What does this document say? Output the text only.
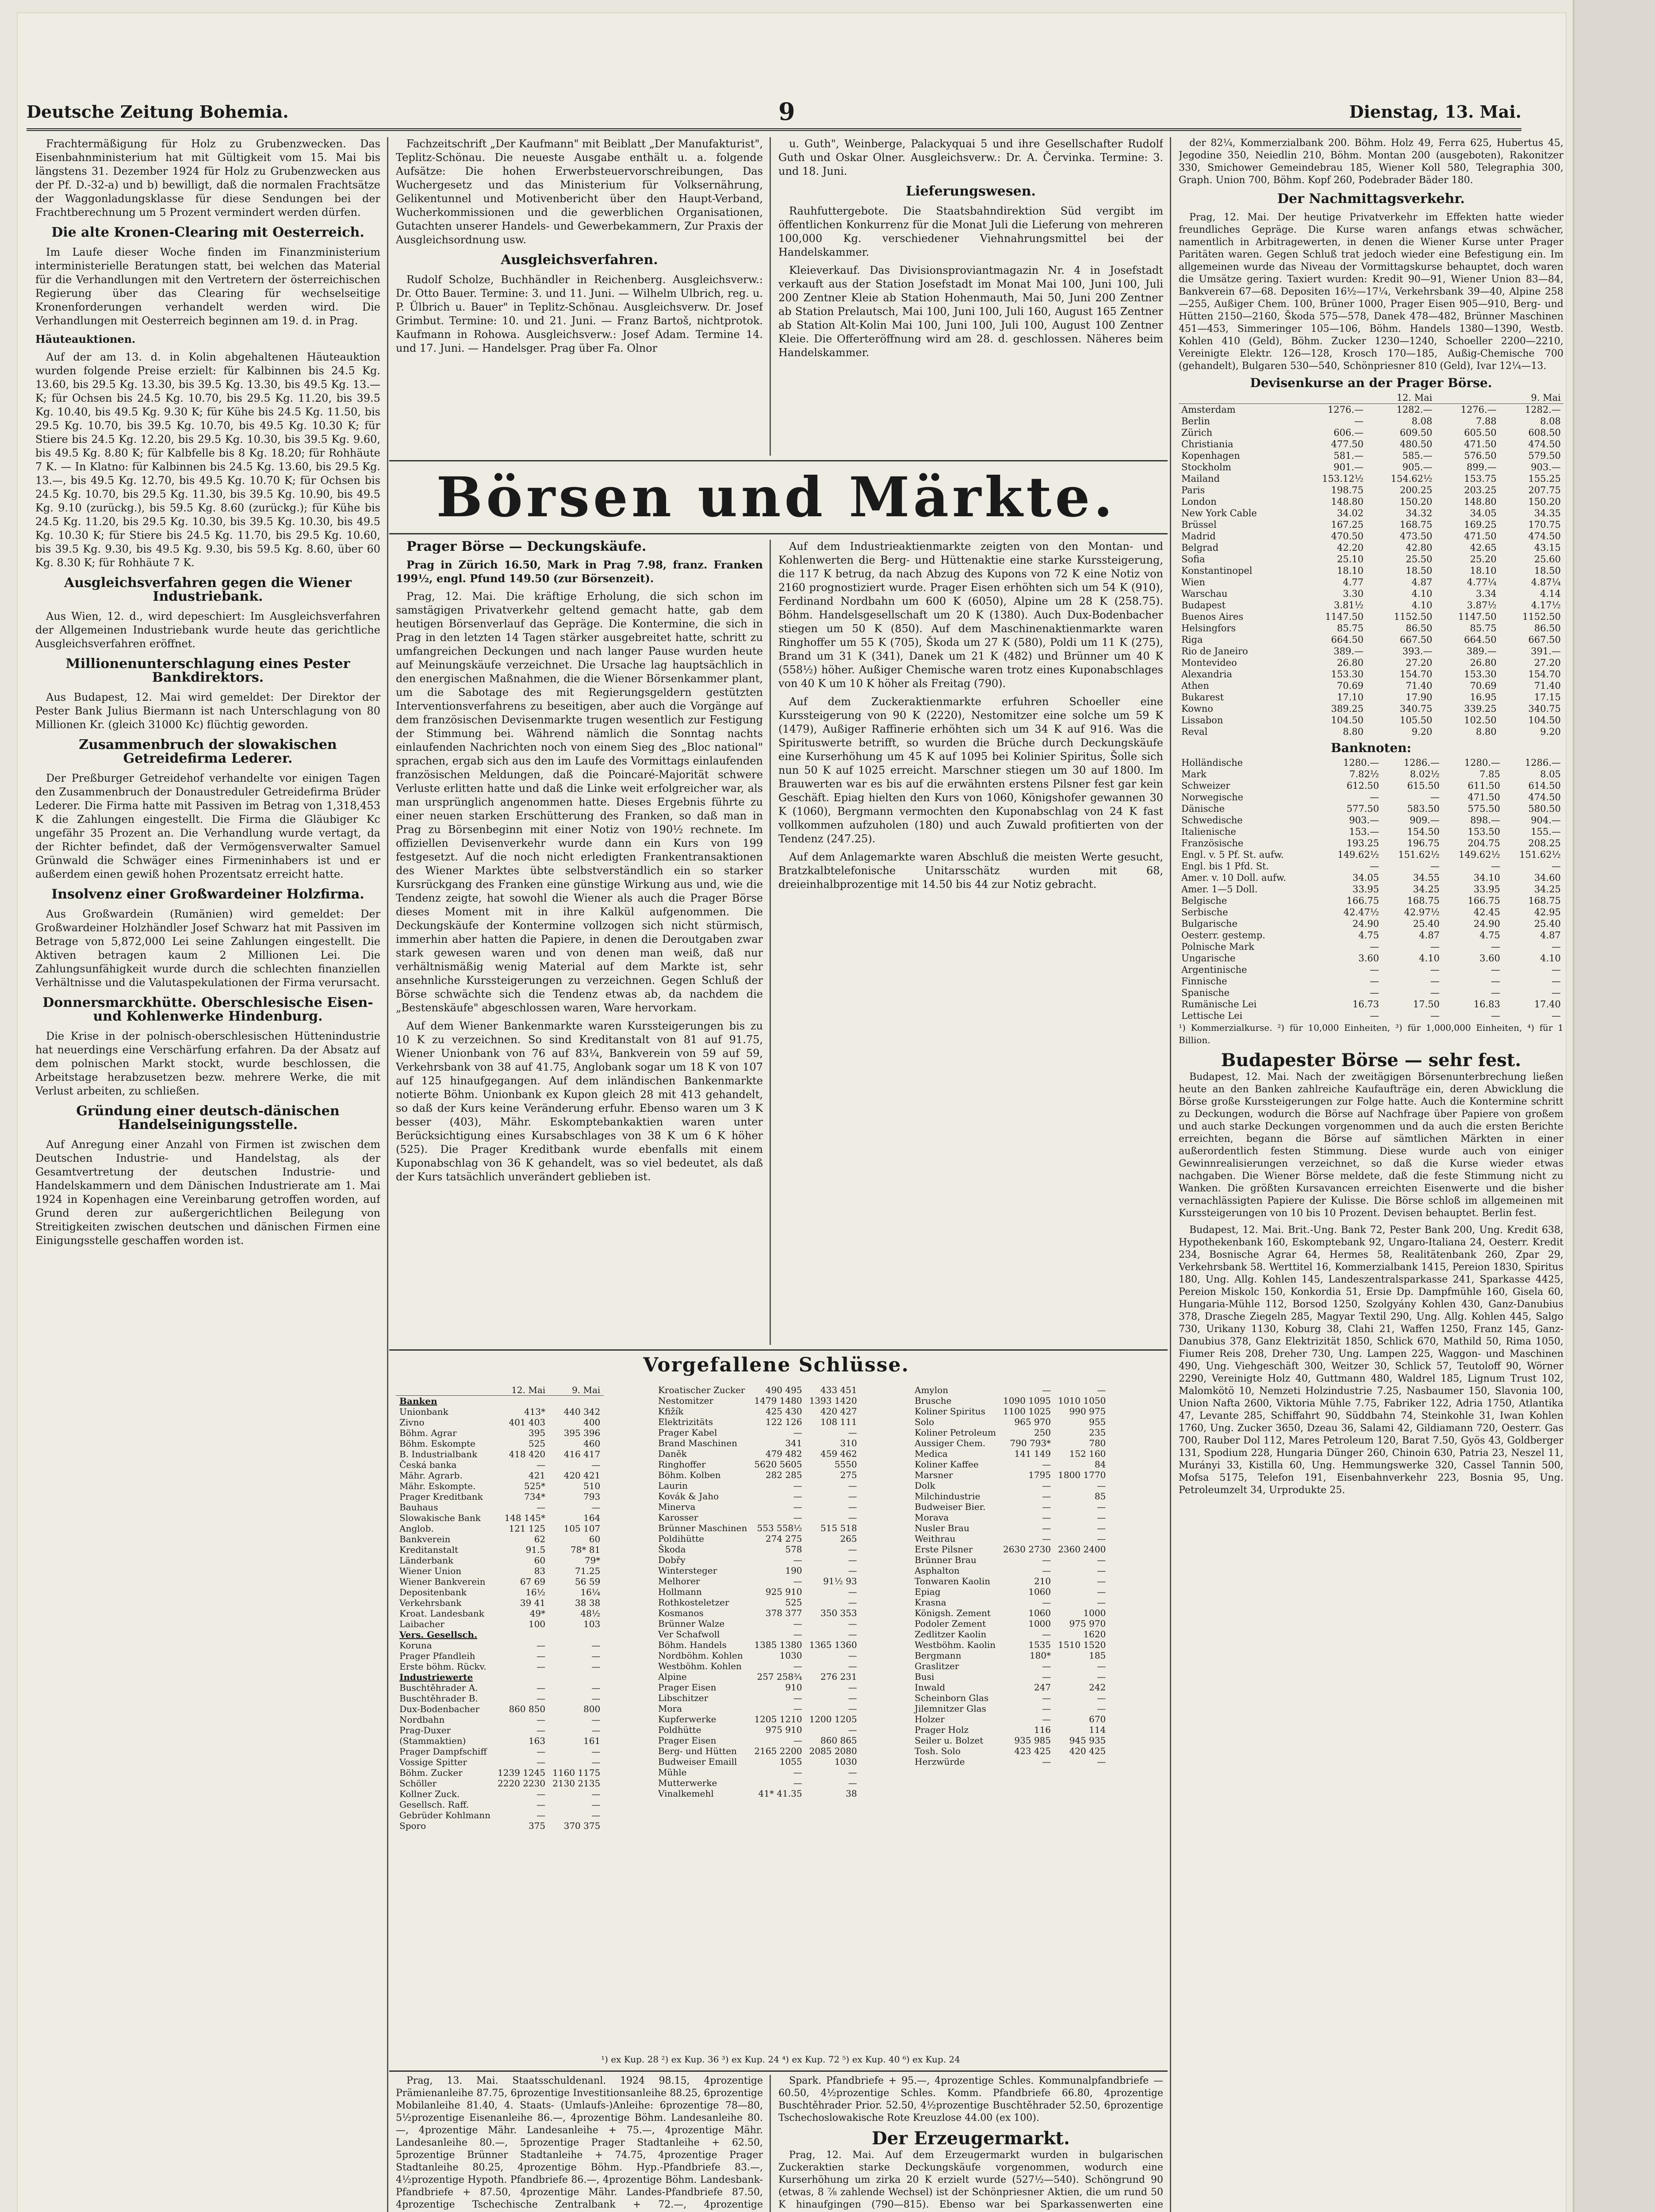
Deutsche Zeitung Bohemia.	9	Dienstag, 13. Mai.

Frachtermäßigung für Holz zu Grubenzwecken. Das Eisenbahnministerium hat mit Gültigkeit vom 15. Mai bis längstens 31. Dezember 1924 für Holz zu Grubenzwecken aus der Pf. D.-32-a) und b) bewilligt, daß die normalen Frachtsätze der Waggonladungsklasse für diese Sendungen bei der Frachtberechnung um 5 Prozent vermindert werden dürfen.

Die alte Kronen-Clearing mit Oesterreich.

Im Laufe dieser Woche finden im Finanzministerium interministerielle Beratungen statt, bei welchen das Material für die Verhandlungen mit den Vertretern der österreichischen Regierung über das Clearing für wechselseitige Kronenforderungen verhandelt werden wird. Die Verhandlungen mit Oesterreich beginnen am 19. d. in Prag.

Häuteauktionen.

Auf der am 13. d. in Kolin abgehaltenen Häuteauktion wurden folgende Preise erzielt: für Kalbinnen bis 24.5 Kg. 13.60, bis 29.5 Kg. 13.30, bis 39.5 Kg. 13.30, bis 49.5 Kg. 13.—K; für Ochsen bis 24.5 Kg. 10.70, bis 29.5 Kg. 11.20, bis 39.5 Kg. 10.40, bis 49.5 Kg. 9.30 K; für Kühe bis 24.5 Kg. 11.50, bis 29.5 Kg. 10.70, bis 39.5 Kg. 10.70, bis 49.5 Kg. 10.30 K; für Stiere bis 24.5 Kg. 12.20, bis 29.5 Kg. 10.30, bis 39.5 Kg. 9.60, bis 49.5 Kg. 8.80 K; für Kalbfelle bis 8 Kg. 18.20; für Rohhäute 7 K. — In Klatno: für Kalbinnen bis 24.5 Kg. 13.60, bis 29.5 Kg. 13.—, bis 49.5 Kg. 12.70, bis 49.5 Kg. 10.70 K; für Ochsen bis 24.5 Kg. 10.70, bis 29.5 Kg. 11.30, bis 39.5 Kg. 10.90, bis 49.5 Kg. 9.10 (zurückg.), bis 59.5 Kg. 8.60 (zurückg.); für Kühe bis 24.5 Kg. 11.20, bis 29.5 Kg. 10.30, bis 39.5 Kg. 10.30, bis 49.5 Kg. 10.30 K; für Stiere bis 24.5 Kg. 11.70, bis 29.5 Kg. 10.60, bis 39.5 Kg. 9.30, bis 49.5 Kg. 9.30, bis 59.5 Kg. 8.60, über 60 Kg. 8.30 K; für Rohhäute 7 K.

Ausgleichsverfahren gegen die Wiener Industriebank.

Aus Wien, 12. d., wird depeschiert: Im Ausgleichsverfahren der Allgemeinen Industriebank wurde heute das gerichtliche Ausgleichsverfahren eröffnet.

Millionenunterschlagung eines Pester Bankdirektors.

Aus Budapest, 12. Mai wird gemeldet: Der Direktor der Pester Bank Julius Biermann ist nach Unterschlagung von 80 Millionen Kr. (gleich 31000 Kc) flüchtig geworden.

Zusammenbruch der slowakischen Getreidefirma Lederer.

Der Preßburger Getreidehof verhandelte vor einigen Tagen den Zusammenbruch der Donaustreduler Getreidefirma Brüder Lederer. Die Firma hatte mit Passiven im Betrag von 1,318,453 K die Zahlungen eingestellt. Die Firma die Gläubiger Kc ungefähr 35 Prozent an. Die Verhandlung wurde vertagt, da der Richter befindet, daß der Vermögensverwalter Samuel Grünwald die Schwäger eines Firmeninhabers ist und er außerdem einen gewiß hohen Prozentsatz erreicht hatte.

Insolvenz einer Großwardeiner Holzfirma.

Aus Großwardein (Rumänien) wird gemeldet: Der Großwardeiner Holzhändler Josef Schwarz hat mit Passiven im Betrage von 5,872,000 Lei seine Zahlungen eingestellt. Die Aktiven betragen kaum 2 Millionen Lei. Die Zahlungsunfähigkeit wurde durch die schlechten finanziellen Verhältnisse und die Valutaspekulationen der Firma verursacht.

Donnersmarckhütte. Oberschlesische Eisen- und Kohlenwerke Hindenburg.

Die Krise in der polnisch-oberschlesischen Hüttenindustrie hat neuerdings eine Verschärfung erfahren. Da der Absatz auf dem polnischen Markt stockt, wurde beschlossen, die Arbeitstage herabzusetzen bezw. mehrere Werke, die mit Verlust arbeiten, zu schließen.

Gründung einer deutsch-dänischen Handelseinigungsstelle.

Auf Anregung einer Anzahl von Firmen ist zwischen dem Deutschen Industrie- und Handelstag, als der Gesamtvertretung der deutschen Industrie- und Handelskammern und dem Dänischen Industrierate am 1. Mai 1924 in Kopenhagen eine Vereinbarung getroffen worden, auf Grund deren zur außergerichtlichen Beilegung von Streitigkeiten zwischen deutschen und dänischen Firmen eine Einigungsstelle geschaffen worden ist.

Fachzeitschrift „Der Kaufmann" mit Beiblatt „Der Manufakturist", Teplitz-Schönau. Die neueste Ausgabe enthält u. a. folgende Aufsätze: Die hohen Erwerbsteuervorschreibungen, Das Wuchergesetz und das Ministerium für Volksernährung, Gelikentunnel und Motivenbericht über den Haupt-Verband, Wucherkommissionen und die gewerblichen Organisationen, Gutachten unserer Handels- und Gewerbekammern, Zur Praxis der Ausgleichsordnung usw.

Ausgleichsverfahren.

Rudolf Scholze, Buchhändler in Reichenberg. Ausgleichsverw.: Dr. Otto Bauer. Termine: 3. und 11. Juni. — Wilhelm Ulbrich, reg. u. P. Ülbrich u. Bauer" in Teplitz-Schönau. Ausgleichsverw. Dr. Josef Grimbut. Termine: 10. und 21. Juni. — Franz Bartoš, nichtprotok. Kaufmann in Rohowa. Ausgleichsverw.: Josef Adam. Termine 14. und 17. Juni. — Handelsger. Prag über Fa. Olnor

u. Guth", Weinberge, Palackyquai 5 und ihre Gesellschafter Rudolf Guth und Oskar Olner. Ausgleichsverw.: Dr. A. Červinka. Termine: 3. und 18. Juni.

Lieferungswesen.

Rauhfuttergebote. Die Staatsbahndirektion Süd vergibt im öffentlichen Konkurrenz für die Monat Juli die Lieferung von mehreren 100,000 Kg. verschiedener Viehnahrungsmittel bei der Handelskammer.

Kleieverkauf. Das Divisionsproviantmagazin Nr. 4 in Josefstadt verkauft aus der Station Josefstadt im Monat Mai 100, Juni 100, Juli 200 Zentner Kleie ab Station Hohenmauth, Mai 50, Juni 200 Zentner ab Station Prelautsch, Mai 100, Juni 100, Juli 160, August 165 Zentner ab Station Alt-Kolin Mai 100, Juni 100, Juli 100, August 100 Zentner Kleie. Die Offerteröffnung wird am 28. d. geschlossen. Näheres beim Handelskammer.

Börsen und Märkte.

Prager Börse — Deckungskäufe.

Prag in Zürich 16.50, Mark in Prag 7.98, franz. Franken 199½, engl. Pfund 149.50 (zur Börsenzeit).

Prag, 12. Mai. Die kräftige Erholung, die sich schon im samstägigen Privatverkehr geltend gemacht hatte, gab dem heutigen Börsenverlauf das Gepräge. Die Kontermine, die sich in Prag in den letzten 14 Tagen stärker ausgebreitet hatte, schritt zu umfangreichen Deckungen und nach langer Pause wurden heute auf Meinungskäufe verzeichnet. Die Ursache lag hauptsächlich in den energischen Maßnahmen, die die Wiener Börsenkammer plant, um die Sabotage des mit Regierungsgeldern gestützten Interventionsverfahrens zu beseitigen, aber auch die Vorgänge auf dem französischen Devisenmarkte trugen wesentlich zur Festigung der Stimmung bei. Während nämlich die Sonntag nachts einlaufenden Nachrichten noch von einem Sieg des „Bloc national" sprachen, ergab sich aus den im Laufe des Vormittags einlaufenden französischen Meldungen, daß die Poincaré-Majorität schwere Verluste erlitten hatte und daß die Linke weit erfolgreicher war, als man ursprünglich angenommen hatte. Dieses Ergebnis führte zu einer neuen starken Erschütterung des Franken, so daß man in Prag zu Börsenbeginn mit einer Notiz von 190½ rechnete. Im offiziellen Devisenverkehr wurde dann ein Kurs von 199 festgesetzt. Auf die noch nicht erledigten Frankentransaktionen des Wiener Marktes übte selbstverständlich ein so starker Kursrückgang des Franken eine günstige Wirkung aus und, wie die Tendenz zeigte, hat sowohl die Wiener als auch die Prager Börse dieses Moment mit in ihre Kalkül aufgenommen. Die Deckungskäufe der Kontermine vollzogen sich nicht stürmisch, immerhin aber hatten die Papiere, in denen die Deroutgaben zwar stark gewesen waren und von denen man weiß, daß nur verhältnismäßig wenig Material auf dem Markte ist, sehr ansehnliche Kurssteigerungen zu verzeichnen. Gegen Schluß der Börse schwächte sich die Tendenz etwas ab, da nachdem die „Bestenskäufe" abgeschlossen waren, Ware hervorkam.

Auf dem Wiener Bankenmarkte waren Kurssteigerungen bis zu 10 K zu verzeichnen. So sind Kreditanstalt von 81 auf 91.75, Wiener Unionbank von 76 auf 83¼, Bankverein von 59 auf 59, Verkehrsbank von 38 auf 41.75, Anglobank sogar um 18 K von 107 auf 125 hinaufgegangen. Auf dem inländischen Bankenmarkte notierte Böhm. Unionbank ex Kupon gleich 28 mit 413 gehandelt, so daß der Kurs keine Veränderung erfuhr. Ebenso waren um 3 K besser (403), Mähr. Eskomptebankaktien waren unter Berücksichtigung eines Kursabschlages von 38 K um 6 K höher (525). Die Prager Kreditbank wurde ebenfalls mit einem Kuponabschlag von 36 K gehandelt, was so viel bedeutet, als daß der Kurs tatsächlich unverändert geblieben ist.

Auf dem Industrieaktienmarkte zeigten von den Montan- und Kohlenwerten die Berg- und Hüttenaktie eine starke Kurssteigerung, die 117 K betrug, da nach Abzug des Kupons von 72 K eine Notiz von 2160 prognostiziert wurde. Prager Eisen erhöhten sich um 54 K (910), Ferdinand Nordbahn um 600 K (6050), Alpine um 28 K (258.75). Böhm. Handelsgesellschaft um 20 K (1380). Auch Dux-Bodenbacher stiegen um 50 K (850). Auf dem Maschinenaktienmarkte waren Ringhoffer um 55 K (705), Škoda um 27 K (580), Poldi um 11 K (275), Brand um 31 K (341), Danek um 21 K (482) und Brünner um 40 K (558½) höher. Außiger Chemische waren trotz eines Kuponabschlages von 40 K um 10 K höher als Freitag (790).

Auf dem Zuckeraktienmarkte erfuhren Schoeller eine Kurssteigerung von 90 K (2220), Nestomitzer eine solche um 59 K (1479), Außiger Raffinerie erhöhten sich um 34 K auf 916. Was die Spirituswerte betrifft, so wurden die Brüche durch Deckungskäufe eine Kurserhöhung um 45 K auf 1095 bei Kolinier Spiritus, Šolle sich nun 50 K auf 1025 erreicht. Marschner stiegen um 30 auf 1800. Im Brauwerten war es bis auf die erwähnten erstens Pilsner fest gar kein Geschäft. Epiag hielten den Kurs von 1060, Königshofer gewannen 30 K (1060), Bergmann vermochten den Kuponabschlag von 24 K fast vollkommen aufzuholen (180) und auch Zuwald profitierten von der Tendenz (247.25).

Auf dem Anlagemarkte waren Abschluß die meisten Werte gesucht, Bratzkalbtelefonische Unitarsschätz wurden mit 68, dreieinhalbprozentige mit 14.50 bis 44 zur Notiz gebracht.

der 82¼, Kommerzialbank 200. Böhm. Holz 49, Ferra 625, Hubertus 45, Jegodine 350, Neiedlin 210, Böhm. Montan 200 (ausgeboten), Rakonitzer 330, Smichower Gemeindebrau 185, Wiener Koll 580, Telegraphia 300, Graph. Union 700, Böhm. Kopf 260, Podebrader Bäder 180.

Der Nachmittagsverkehr.

Prag, 12. Mai. Der heutige Privatverkehr im Effekten hatte wieder freundliches Gepräge. Die Kurse waren anfangs etwas schwächer, namentlich in Arbitragewerten, in denen die Wiener Kurse unter Prager Paritäten waren. Gegen Schluß trat jedoch wieder eine Befestigung ein. Im allgemeinen wurde das Niveau der Vormittagskurse behauptet, doch waren die Umsätze gering. Taxiert wurden: Kredit 90—91, Wiener Union 83—84, Bankverein 67—68. Depositen 16½—17¼, Verkehrsbank 39—40, Alpine 258—255, Außiger Chem. 100, Brüner 1000, Prager Eisen 905—910, Berg- und Hütten 2150—2160, Škoda 575—578, Danek 478—482, Brünner Maschinen 451—453, Simmeringer 105—106, Böhm. Handels 1380—1390, Westb. Kohlen 410 (Geld), Böhm. Zucker 1230—1240, Schoeller 2200—2210, Vereinigte Elektr. 126—128, Krosch 170—185, Außig-Chemische 700 (gehandelt), Bulgaren 530—540, Schönpriesner 810 (Geld), Ivar 12¼—13.

Devisenkurse an der Prager Börse.
	12. Mai		9. Mai	
Amsterdam	1276.—	1282.—	1276.—	1282.—
Berlin	—	8.08	7.88	8.08
Zürich	606.—	609.50	605.50	608.50
Christiania	477.50	480.50	471.50	474.50
Kopenhagen	581.—	585.—	576.50	579.50
Stockholm	901.—	905.—	899.—	903.—
Mailand	153.12½	154.62½	153.75	155.25
Paris	198.75	200.25	203.25	207.75
London	148.80	150.20	148.80	150.20
New York Cable	34.02	34.32	34.05	34.35
Brüssel	167.25	168.75	169.25	170.75
Madrid	470.50	473.50	471.50	474.50
Belgrad	42.20	42.80	42.65	43.15
Sofia	25.10	25.50	25.20	25.60
Konstantinopel	18.10	18.50	18.10	18.50
Wien	4.77	4.87	4.77¼	4.87¼
Warschau	3.30	4.10	3.34	4.14
Budapest	3.81½	4.10	3.87½	4.17½
Buenos Aires	1147.50	1152.50	1147.50	1152.50
Helsingfors	85.75	86.50	85.75	86.50
Riga	664.50	667.50	664.50	667.50
Rio de Janeiro	389.—	393.—	389.—	391.—
Montevideo	26.80	27.20	26.80	27.20
Alexandria	153.30	154.70	153.30	154.70
Athen	70.69	71.40	70.69	71.40
Bukarest	17.10	17.90	16.95	17.15
Kowno	389.25	340.75	339.25	340.75
Lissabon	104.50	105.50	102.50	104.50
Reval	8.80	9.20	8.80	9.20
Banknoten:
Holländische	1280.—	1286.—	1280.—	1286.—
Mark	7.82½	8.02½	7.85	8.05
Schweizer	612.50	615.50	611.50	614.50
Norwegische	—	—	471.50	474.50
Dänische	577.50	583.50	575.50	580.50
Schwedische	903.—	909.—	898.—	904.—
Italienische	153.—	154.50	153.50	155.—
Französische	193.25	196.75	204.75	208.25
Engl. v. 5 Pf. St. aufw.	149.62½	151.62½	149.62½	151.62½
Engl. bis 1 Pfd. St.	—	—	—	—
Amer. v. 10 Doll. aufw.	34.05	34.55	34.10	34.60
Amer. 1—5 Doll.	33.95	34.25	33.95	34.25
Belgische	166.75	168.75	166.75	168.75
Serbische	42.47½	42.97½	42.45	42.95
Bulgarische	24.90	25.40	24.90	25.40
Oesterr. gestemp.	4.75	4.87	4.75	4.87
Polnische Mark	—	—	—	—
Ungarische	3.60	4.10	3.60	4.10
Argentinische	—	—	—	—
Finnische	—	—	—	—
Spanische	—	—	—	—
Rumänische Lei	16.73	17.50	16.83	17.40
Lettische Lei	—	—	—	—

¹) Kommerzialkurse. ²) für 10,000 Einheiten, ³) für 1,000,000 Einheiten, ⁴) für 1 Billion.

Budapester Börse — sehr fest.

Budapest, 12. Mai. Nach der zweitägigen Börsenunterbrechung ließen heute an den Banken zahlreiche Kaufaufträge ein, deren Abwicklung die Börse große Kurssteigerungen zur Folge hatte. Auch die Kontermine schritt zu Deckungen, wodurch die Börse auf Nachfrage über Papiere von großem und auch starke Deckungen vorgenommen und da auch die ersten Berichte erreichten, begann die Börse auf sämtlichen Märkten in einer außerordentlich festen Stimmung. Diese wurde auch von einiger Gewinnrealisierungen verzeichnet, so daß die Kurse wieder etwas nachgaben. Die Wiener Börse meldete, daß die feste Stimmung nicht zu Wanken. Die größten Kursavancen erreichten Eisenwerte und die bisher vernachlässigten Papiere der Kulisse. Die Börse schloß im allgemeinen mit Kurssteigerungen von 10 bis 10 Prozent. Devisen behauptet. Berlin fest.

Budapest, 12. Mai. Brit.-Ung. Bank 72, Pester Bank 200, Ung. Kredit 638, Hypothekenbank 160, Eskomptebank 92, Ungaro-Italiana 24, Oesterr. Kredit 234, Bosnische Agrar 64, Hermes 58, Realitätenbank 260, Zpar 29, Verkehrsbank 58. Werttitel 16, Kommerzialbank 1415, Pereion 1830, Spiritus 180, Ung. Allg. Kohlen 145, Landeszentralsparkasse 241, Sparkasse 4425, Pereion Miskolc 150, Konkordia 51, Ersie Dp. Dampfmühle 160, Gisela 60, Hungaria-Mühle 112, Borsod 1250, Szolgyány Kohlen 430, Ganz-Danubius 378, Drasche Ziegeln 285, Magyar Textil 290, Ung. Allg. Kohlen 445, Salgo 730, Urikany 1130, Koburg 38, Clahi 21, Waffen 1250, Franz 145, Ganz-Danubius 378, Ganz Elektrizität 1850, Schlick 670, Mathild 50, Rima 1050, Fiumer Reis 208, Dreher 730, Ung. Lampen 225, Waggon- und Maschinen 490, Ung. Viehgeschäft 300, Weitzer 30, Schlick 57, Teutoloff 90, Wörner 2290, Vereinigte Holz 40, Guttmann 480, Waldrel 185, Lignum Trust 102, Malomkötö 10, Nemzeti Holzindustrie 7.25, Nasbaumer 150, Slavonia 100, Union Nafta 2600, Viktoria Mühle 7.75, Fabriker 122, Adria 1750, Atlantika 47, Levante 285, Schiffahrt 90, Süddbahn 74, Steinkohle 31, Iwan Kohlen 1760, Ung. Zucker 3650, Dzeau 36, Salami 42, Gildiamann 720, Oesterr. Gas 700, Rauber Dol 112, Mares Petroleum 120, Barat 7.50, Gyös 43, Goldberger 131, Spodium 228, Hungaria Dünger 260, Chinoin 630, Patria 23, Neszel 11, Murányi 33, Kistilla 60, Ung. Hemmungswerke 320, Cassel Tannin 500, Mofsa 5175, Telefon 191, Eisenbahnverkehr 223, Bosnia 95, Ung. Petroleumzelt 34, Urprodukte 25.

Vorgefallene Schlüsse.
	12. Mai	9. Mai
Banken		
Unionbank	413*	440 342
Zivno	401 403	400
Böhm. Agrar	395	395 396
Böhm. Eskompte	525	460
B. Industrialbank	418 420	416 417
Česká banka	—	—
Mähr. Agrarb.	421	420 421
Mähr. Eskompte.	525*	510
Prager Kreditbank	734*	793
Bauhaus	—	—
Slowakische Bank	148 145*	164
Anglob.	121 125	105 107
Bankverein	62	60
Kreditanstalt	91.5	78* 81
Länderbank	60	79*
Wiener Union	83	71.25
Wiener Bankverein	67 69	56 59
Depositenbank	16½	16¼
Verkehrsbank	39 41	38 38
Kroat. Landesbank	49*	48½
Laibacher	100	103
Vers. Gesellsch.		
Koruna	—	—
Prager Pfandleih	—	—
Erste böhm. Rückv.	—	—
Industriewerte		
Buschtěhrader A.	—	—
Buschtěhrader B.	—	—
Dux-Bodenbacher	860 850	800
Nordbahn	—	—
Prag-Duxer	—	—
(Stammaktien)	163	161
Prager Dampfschiff	—	—
Vossige Spitter	—	—
Böhm. Zucker	1239 1245	1160 1175
Schöller	2220 2230	2130 2135
Kollner Zuck.	—	—
Gesellsch. Raff.	—	—
Gebrüder Kohlmann	—	—
Sporo	375	370 375
Kroatischer Zucker	490 495	433 451
Nestomitzer	1479 1480	1393 1420
Kfižík	425 430	420 427
Elektrizitäts	122 126	108 111
Prager Kabel	—	—
Brand Maschinen	341	310
Daněk	479 482	459 462
Ringhoffer	5620 5605	5550
Böhm. Kolben	282 285	275
Laurin	—	—
Kovák & Jaho	—	—
Minerva	—	—
Karosser	—	—
Brünner Maschinen	553 558½	515 518
Poldihütte	274 275	265
Škoda	578	—
Dobřy	—	—
Wintersteger	190	—
Melhorer	—	91½ 93
Hollmann	925 910	—
Rothkosteletzer	525	—
Kosmanos	378 377	350 353
Brünner Walze	—	—
Ver Schafwoll	—	—
Böhm. Handels	1385 1380	1365 1360
Nordböhm. Kohlen	1030	—
Westböhm. Kohlen	—	—
Alpine	257 258¾	276 231
Prager Eisen	910	—
Libschitzer	—	—
Mora	—	—
Kupferwerke	1205 1210	1200 1205
Poldhütte	975 910	—
Prager Eisen	—	860 865
Berg- und Hütten	2165 2200	2085 2080
Budweiser Emaill	1055	1030
Mühle	—	—
Mutterwerke	—	—
Vinalkemehl	41* 41.35	38
Amylon	—	—
Brusche	1090 1095	1010 1050
Koliner Spiritus	1100 1025	990 975
Solo	965 970	955
Koliner Petroleum	250	235
Aussiger Chem.	790 793*	780
Medica	141 149	152 160
Koliner Kaffee	—	84
Marsner	1795	1800 1770
Dolk	—	—
Milchindustrie	—	85
Budweiser Bier.	—	—
Morava	—	—
Nusler Brau	—	—
Weithrau	—	—
Erste Pilsner	2630 2730	2360 2400
Brünner Brau	—	—
Asphalton	—	—
Tonwaren Kaolin	210	—
Epiag	1060	—
Krasna	—	—
Königsh. Zement	1060	1000
Podoler Zement	1000	975 970
Zedlitzer Kaolin	—	1620
Westböhm. Kaolin	1535	1510 1520
Bergmann	180*	185
Graslitzer	—	—
Busi	—	—
Inwald	247	242
Scheinborn Glas	—	—
Jilemnitzer Glas	—	—
Holzer	—	670
Prager Holz	116	114
Seiler u. Bolzet	935 985	945 935
Tosh. Solo	423 425	420 425
Herzwürde	—	—

¹) ex Kup. 28 ²) ex Kup. 36 ³) ex Kup. 24 ⁴) ex Kup. 72 ⁵) ex Kup. 40 ⁶) ex Kup. 24

Prag, 13. Mai. Staatsschuldenanl. 1924 98.15, 4prozentige Prämienanleihe 87.75, 6prozentige Investitionsanleihe 88.25, 6prozentige Mobilanleihe 81.40, 4. Staats- (Umlaufs-)Anleihe: 6prozentige 78—80, 5½prozentige Eisenanleihe 86.—, 4prozentige Böhm. Landesanleihe 80.—, 4prozentige Mähr. Landesanleihe + 75.—, 4prozentige Mähr. Landesanleihe 80.—, 5prozentige Prager Stadtanleihe + 62.50, 5prozentige Brünner Stadtanleihe + 74.75, 4prozentige Prager Stadtanleihe 80.25, 4prozentige Böhm. Hyp.-Pfandbriefe 83.—, 4½prozentige Hypoth. Pfandbriefe 86.—, 4prozentige Böhm. Landesbank-Pfandbriefe + 87.50, 4prozentige Mähr. Landes-Pfandbriefe 87.50, 4prozentige Tschechische Zentralbank + 72.—, 4prozentige

Spark. Pfandbriefe + 95.—, 4prozentige Schles. Kommunalpfandbriefe — 60.50, 4½prozentige Schles. Komm. Pfandbriefe 66.80, 4prozentige Buschtěhrader Prior. 52.50, 4½prozentige Buschtěhrader 52.50, 6prozentige Tschechoslowakische Rote Kreuzlose 44.00 (ex 100).

Der Erzeugermarkt.

Prag, 12. Mai. Auf dem Erzeugermarkt wurden in bulgarischen Zuckeraktien starke Deckungskäufe vorgenommen, wodurch eine Kurserhöhung um zirka 20 K erzielt wurde (527½—540). Schöngrund 90 (etwas, 8 ⅞ zahlende Wechsel) ist der Schönpriesner Aktien, die um rund 50 K hinaufgingen (790—815). Ebenso war bei Sparkassenwerten eine
